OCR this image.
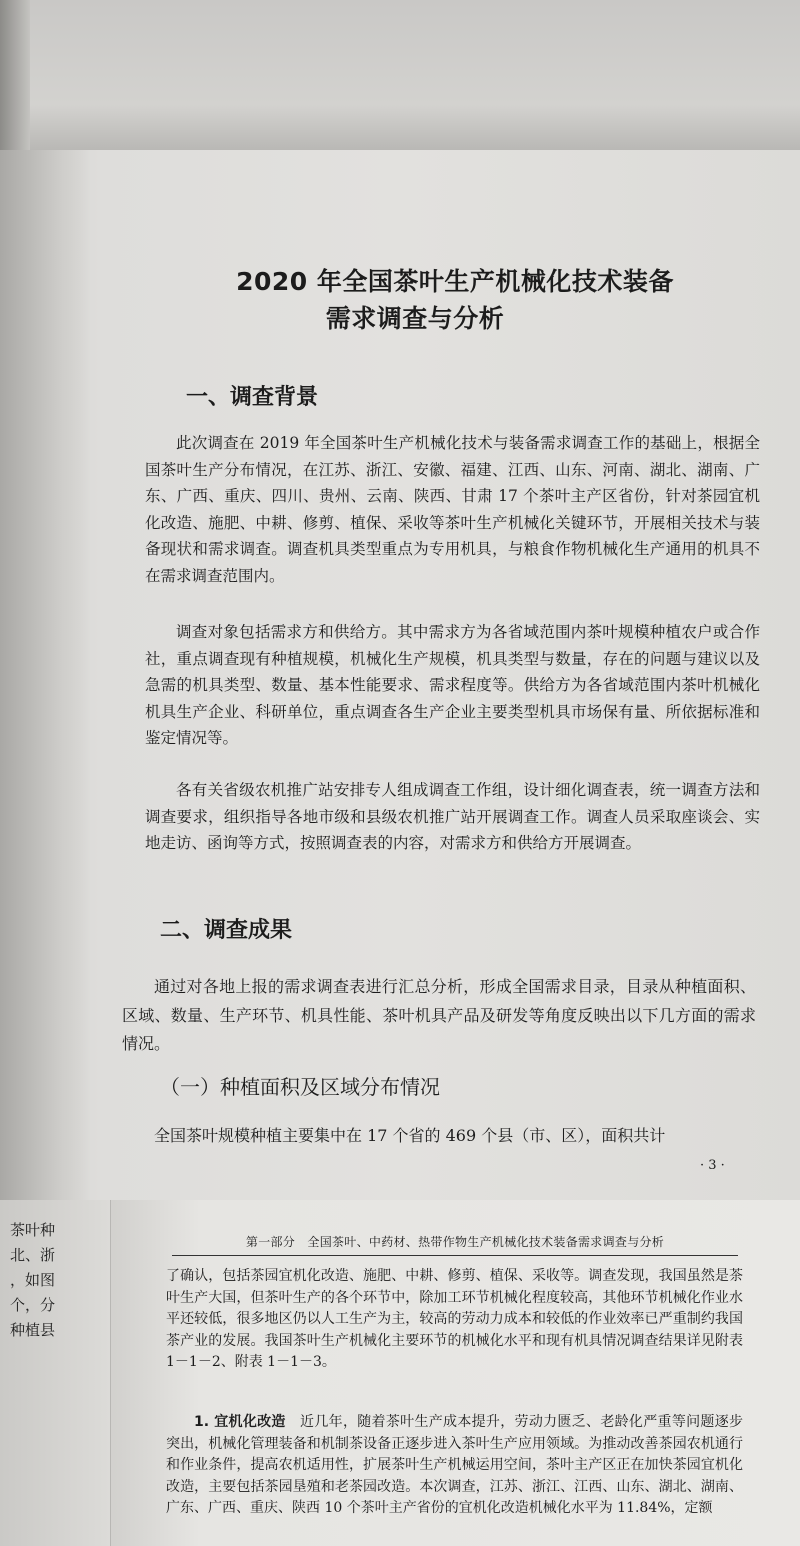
2020 年全国茶叶生产机械化技术装备
需求调查与分析
一、调查背景
此次调查在 2019 年全国茶叶生产机械化技术与装备需求调查工作的基础上，根据全国茶叶生产分布情况，在江苏、浙江、安徽、福建、江西、山东、河南、湖北、湖南、广东、广西、重庆、四川、贵州、云南、陕西、甘肃 17 个茶叶主产区省份，针对茶园宜机化改造、施肥、中耕、修剪、植保、采收等茶叶生产机械化关键环节，开展相关技术与装备现状和需求调查。调查机具类型重点为专用机具，与粮食作物机械化生产通用的机具不在需求调查范围内。
调查对象包括需求方和供给方。其中需求方为各省域范围内茶叶规模种植农户或合作社，重点调查现有种植规模，机械化生产规模，机具类型与数量，存在的问题与建议以及急需的机具类型、数量、基本性能要求、需求程度等。供给方为各省域范围内茶叶机械化机具生产企业、科研单位，重点调查各生产企业主要类型机具市场保有量、所依据标准和鉴定情况等。
各有关省级农机推广站安排专人组成调查工作组，设计细化调查表，统一调查方法和调查要求，组织指导各地市级和县级农机推广站开展调查工作。调查人员采取座谈会、实地走访、函询等方式，按照调查表的内容，对需求方和供给方开展调查。
二、调查成果
通过对各地上报的需求调查表进行汇总分析，形成全国需求目录，目录从种植面积、区域、数量、生产环节、机具性能、茶叶机具产品及研发等角度反映出以下几方面的需求情况。
（一）种植面积及区域分布情况
全国茶叶规模种植主要集中在 17 个省的 469 个县（市、区），面积共计
· 3 ·
茶叶种
北、浙
，如图
个，分
种植县
第一部分　全国茶叶、中药材、热带作物生产机械化技术装备需求调查与分析
了确认，包括茶园宜机化改造、施肥、中耕、修剪、植保、采收等。调查发现，我国虽然是茶叶生产大国，但茶叶生产的各个环节中，除加工环节机械化程度较高，其他环节机械化作业水平还较低，很多地区仍以人工生产为主，较高的劳动力成本和较低的作业效率已严重制约我国茶产业的发展。我国茶叶生产机械化主要环节的机械化水平和现有机具情况调查结果详见附表 1－1－2、附表 1－1－3。
1. 宜机化改造　 近几年，随着茶叶生产成本提升，劳动力匮乏、老龄化严重等问题逐步突出，机械化管理装备和机制茶设备正逐步进入茶叶生产应用领域。为推动改善茶园农机通行和作业条件，提高农机适用性，扩展茶叶生产机械运用空间，茶叶主产区正在加快茶园宜机化改造，主要包括茶园垦殖和老茶园改造。本次调查，江苏、浙江、江西、山东、湖北、湖南、广东、广西、重庆、陕西 10 个茶叶主产省份的宜机化改造机械化水平为 11.84%，定额
